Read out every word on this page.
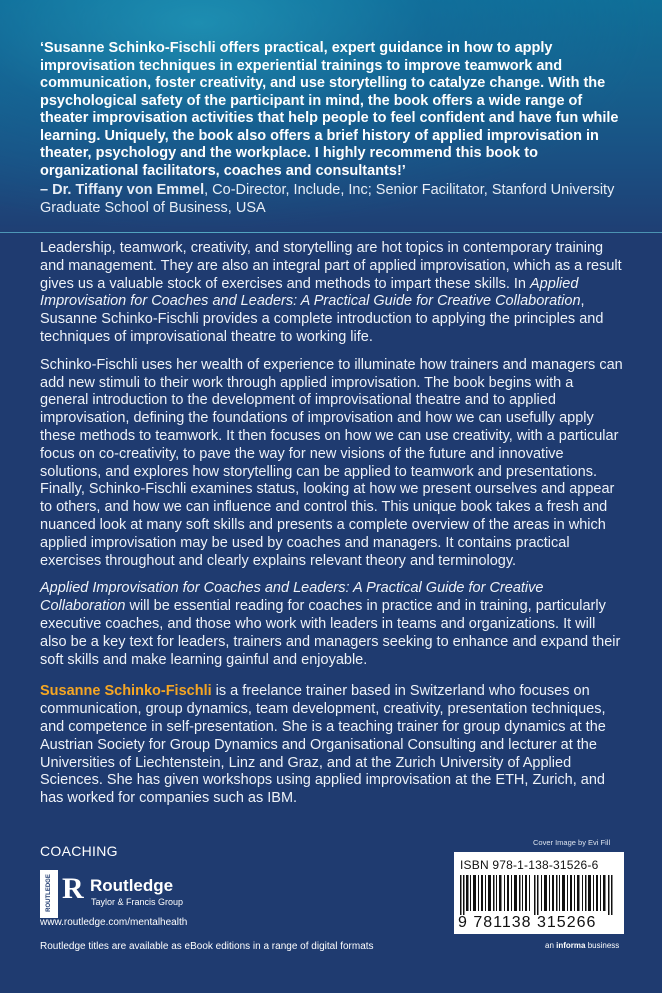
‘Susanne Schinko-Fischli offers practical, expert guidance in how to apply improvisation techniques in experiential trainings to improve teamwork and communication, foster creativity, and use storytelling to catalyze change. With the psychological safety of the participant in mind, the book offers a wide range of theater improvisation activities that help people to feel confident and have fun while learning. Uniquely, the book also offers a brief history of applied improvisation in theater, psychology and the workplace. I highly recommend this book to organizational facilitators, coaches and consultants!’
– Dr. Tiffany von Emmel, Co-Director, Include, Inc; Senior Facilitator, Stanford University Graduate School of Business, USA

Leadership, teamwork, creativity, and storytelling are hot topics in contemporary training and management. They are also an integral part of applied improvisation, which as a result gives us a valuable stock of exercises and methods to impart these skills. In Applied Improvisation for Coaches and Leaders: A Practical Guide for Creative Collaboration, Susanne Schinko-Fischli provides a complete introduction to applying the principles and techniques of improvisational theatre to working life.

Schinko-Fischli uses her wealth of experience to illuminate how trainers and managers can add new stimuli to their work through applied improvisation. The book begins with a general introduction to the development of improvisational theatre and to applied improvisation, defining the foundations of improvisation and how we can usefully apply these methods to teamwork. It then focuses on how we can use creativity, with a particular focus on co-creativity, to pave the way for new visions of the future and innovative solutions, and explores how storytelling can be applied to teamwork and presentations. Finally, Schinko-Fischli examines status, looking at how we present ourselves and appear to others, and how we can influence and control this. This unique book takes a fresh and nuanced look at many soft skills and presents a complete overview of the areas in which applied improvisation may be used by coaches and managers. It contains practical exercises throughout and clearly explains relevant theory and terminology.

Applied Improvisation for Coaches and Leaders: A Practical Guide for Creative Collaboration will be essential reading for coaches in practice and in training, particularly executive coaches, and those who work with leaders in teams and organizations. It will also be a key text for leaders, trainers and managers seeking to enhance and expand their soft skills and make learning gainful and enjoyable.

Susanne Schinko-Fischli is a freelance trainer based in Switzerland who focuses on communication, group dynamics, team development, creativity, presentation techniques, and competence in self-presentation. She is a teaching trainer for group dynamics at the Austrian Society for Group Dynamics and Organisational Consulting and lecturer at the Universities of Liechtenstein, Linz and Graz, and at the Zurich University of Applied Sciences. She has given workshops using applied improvisation at the ETH, Zurich, and has worked for companies such as IBM.

COACHING
ROUTLEDGE R Routledge
Taylor & Francis Group
www.routledge.com/mentalhealth
Routledge titles are available as eBook editions in a range of digital formats
Cover Image by Evi Fill
ISBN 978-1-138-31526-6
9 781138 315266
an informa business
